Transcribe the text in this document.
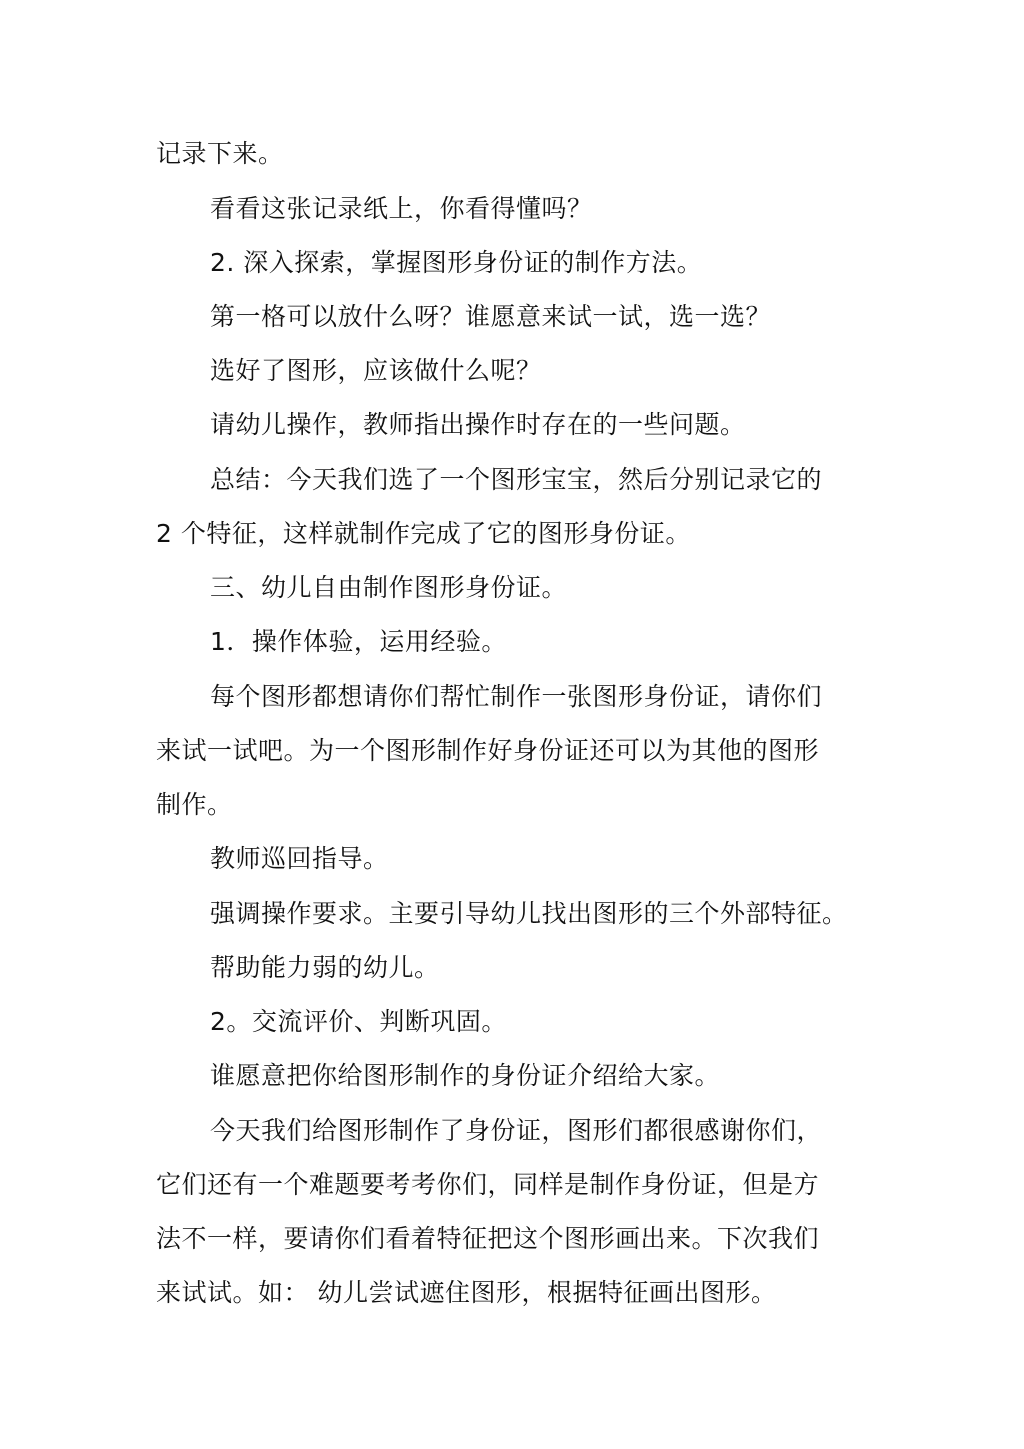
记录下来。
看看这张记录纸上，你看得懂吗？
2. 深入探索，掌握图形身份证的制作方法。
第一格可以放什么呀？谁愿意来试一试，选一选？
选好了图形，应该做什么呢？
请幼儿操作，教师指出操作时存在的一些问题。
总结：今天我们选了一个图形宝宝，然后分别记录它的
2 个特征，这样就制作完成了它的图形身份证。
三、幼儿自由制作图形身份证。
1．操作体验，运用经验。
每个图形都想请你们帮忙制作一张图形身份证，请你们
来试一试吧。为一个图形制作好身份证还可以为其他的图形
制作。
教师巡回指导。
强调操作要求。主要引导幼儿找出图形的三个外部特征。
帮助能力弱的幼儿。
2。交流评价、判断巩固。
谁愿意把你给图形制作的身份证介绍给大家。
今天我们给图形制作了身份证，图形们都很感谢你们，
它们还有一个难题要考考你们，同样是制作身份证，但是方
法不一样，要请你们看着特征把这个图形画出来。下次我们
来试试。如： 幼儿尝试遮住图形，根据特征画出图形。
